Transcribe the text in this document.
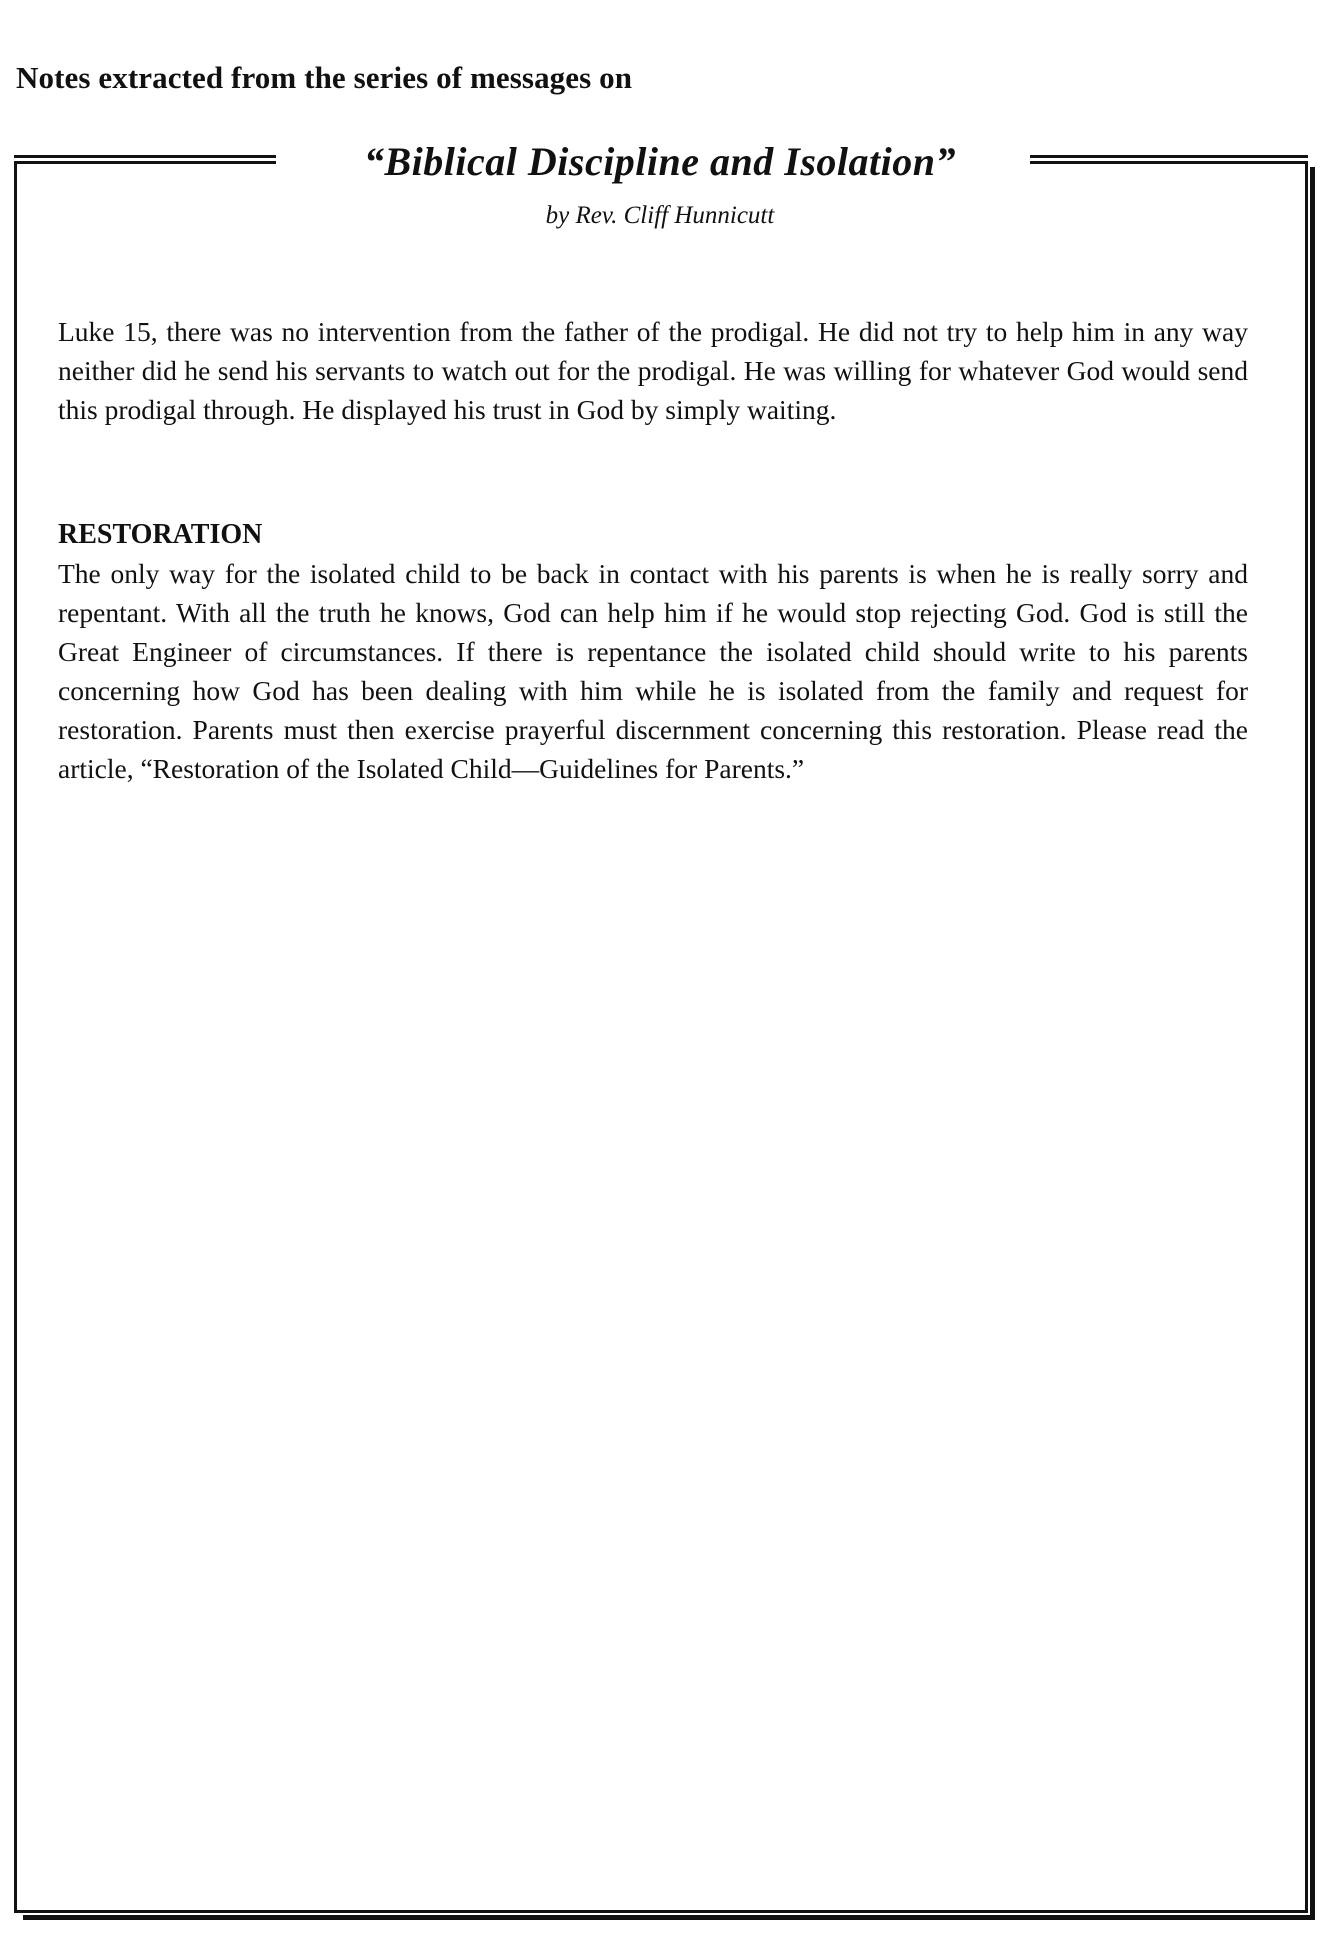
Notes extracted from the series of messages on
“Biblical Discipline and Isolation”
by Rev. Cliff Hunnicutt
Luke 15, there was no intervention from the father of the prodigal. He did not try to help him in any way neither did he send his servants to watch out for the prodigal. He was willing for whatever God would send this prodigal through. He displayed his trust in God by simply waiting.
RESTORATION
The only way for the isolated child to be back in contact with his parents is when he is really sorry and repentant. With all the truth he knows, God can help him if he would stop rejecting God. God is still the Great Engineer of circumstances. If there is repentance the isolated child should write to his parents concerning how God has been dealing with him while he is isolated from the family and request for restoration. Parents must then exercise prayerful discernment concerning this restoration. Please read the article, “Restoration of the Isolated Child—Guidelines for Parents.”
